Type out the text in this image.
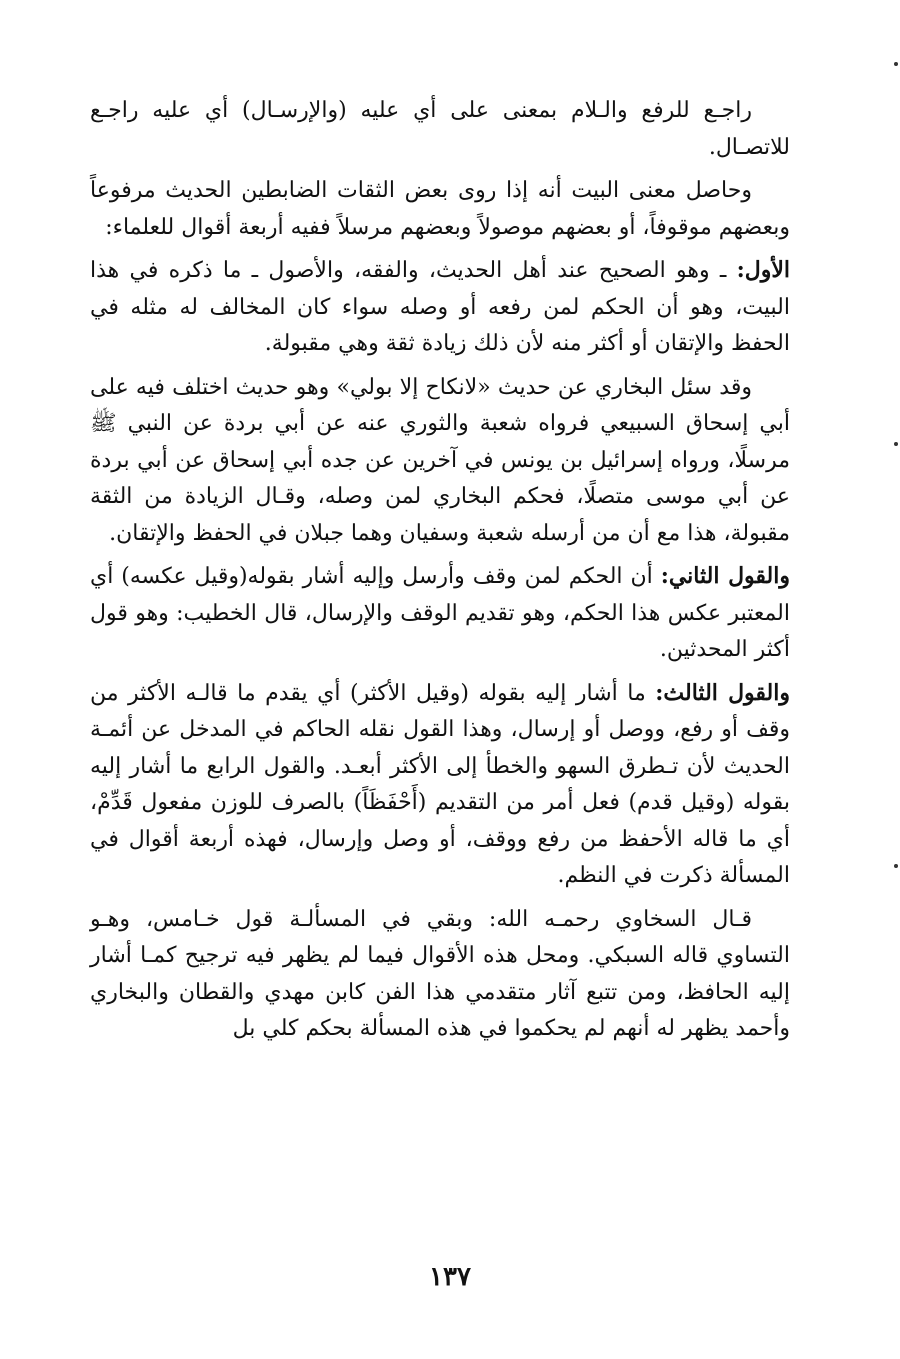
راجـع للرفع والـلام بمعنى على أي عليه (والإرسـال) أي عليه راجـع للاتصـال.

وحاصل معنى البيت أنه إذا روى بعض الثقات الضابطين الحديث مرفوعاً وبعضهم موقوفاً، أو بعضهم موصولاً وبعضهم مرسلاً ففيه أربعة أقوال للعلماء:

الأول: ـ وهو الصحيح عند أهل الحديث، والفقه، والأصول ـ ما ذكره في هذا البيت، وهو أن الحكم لمن رفعه أو وصله سواء كان المخالف له مثله في الحفظ والإتقان أو أكثر منه لأن ذلك زيادة ثقة وهي مقبولة.

وقد سئل البخاري عن حديث «لانكاح إلا بولي» وهو حديث اختلف فيه على أبي إسحاق السبيعي فرواه شعبة والثوري عنه عن أبي بردة عن النبي ﷺ مرسلًا، ورواه إسرائيل بن يونس في آخرين عن جده أبي إسحاق عن أبي بردة عن أبي موسى متصلًا، فحكم البخاري لمن وصله، وقـال الزيادة من الثقة مقبولة، هذا مع أن من أرسله شعبة وسفيان وهما جبلان في الحفظ والإتقان.

والقول الثاني: أن الحكم لمن وقف وأرسل وإليه أشار بقوله(وقيل عكسه) أي المعتبر عكس هذا الحكم، وهو تقديم الوقف والإرسال، قال الخطيب: وهو قول أكثر المحدثين.

والقول الثالث: ما أشار إليه بقوله (وقيل الأكثر) أي يقدم ما قالـه الأكثر من وقف أو رفع، ووصل أو إرسال، وهذا القول نقله الحاكم في المدخل عن أئمـة الحديث لأن تـطرق السهو والخطأ إلى الأكثر أبعـد. والقول الرابع ما أشار إليه بقوله (وقيل قدم) فعل أمر من التقديم (أَحْفَظَاً) بالصرف للوزن مفعول قَدِّمْ، أي ما قاله الأحفظ من رفع ووقف، أو وصل وإرسال، فهذه أربعة أقوال في المسألة ذكرت في النظم.

قـال السخاوي رحمـه الله: وبقي في المسألـة قول خـامس، وهـو التساوي قاله السبكي. ومحل هذه الأقوال فيما لم يظهر فيه ترجيح كمـا أشار إليه الحافظ، ومن تتبع آثار متقدمي هذا الفن كابن مهدي والقطان والبخاري وأحمد يظهر له أنهم لم يحكموا في هذه المسألة بحكم كلي بل

١٣٧
